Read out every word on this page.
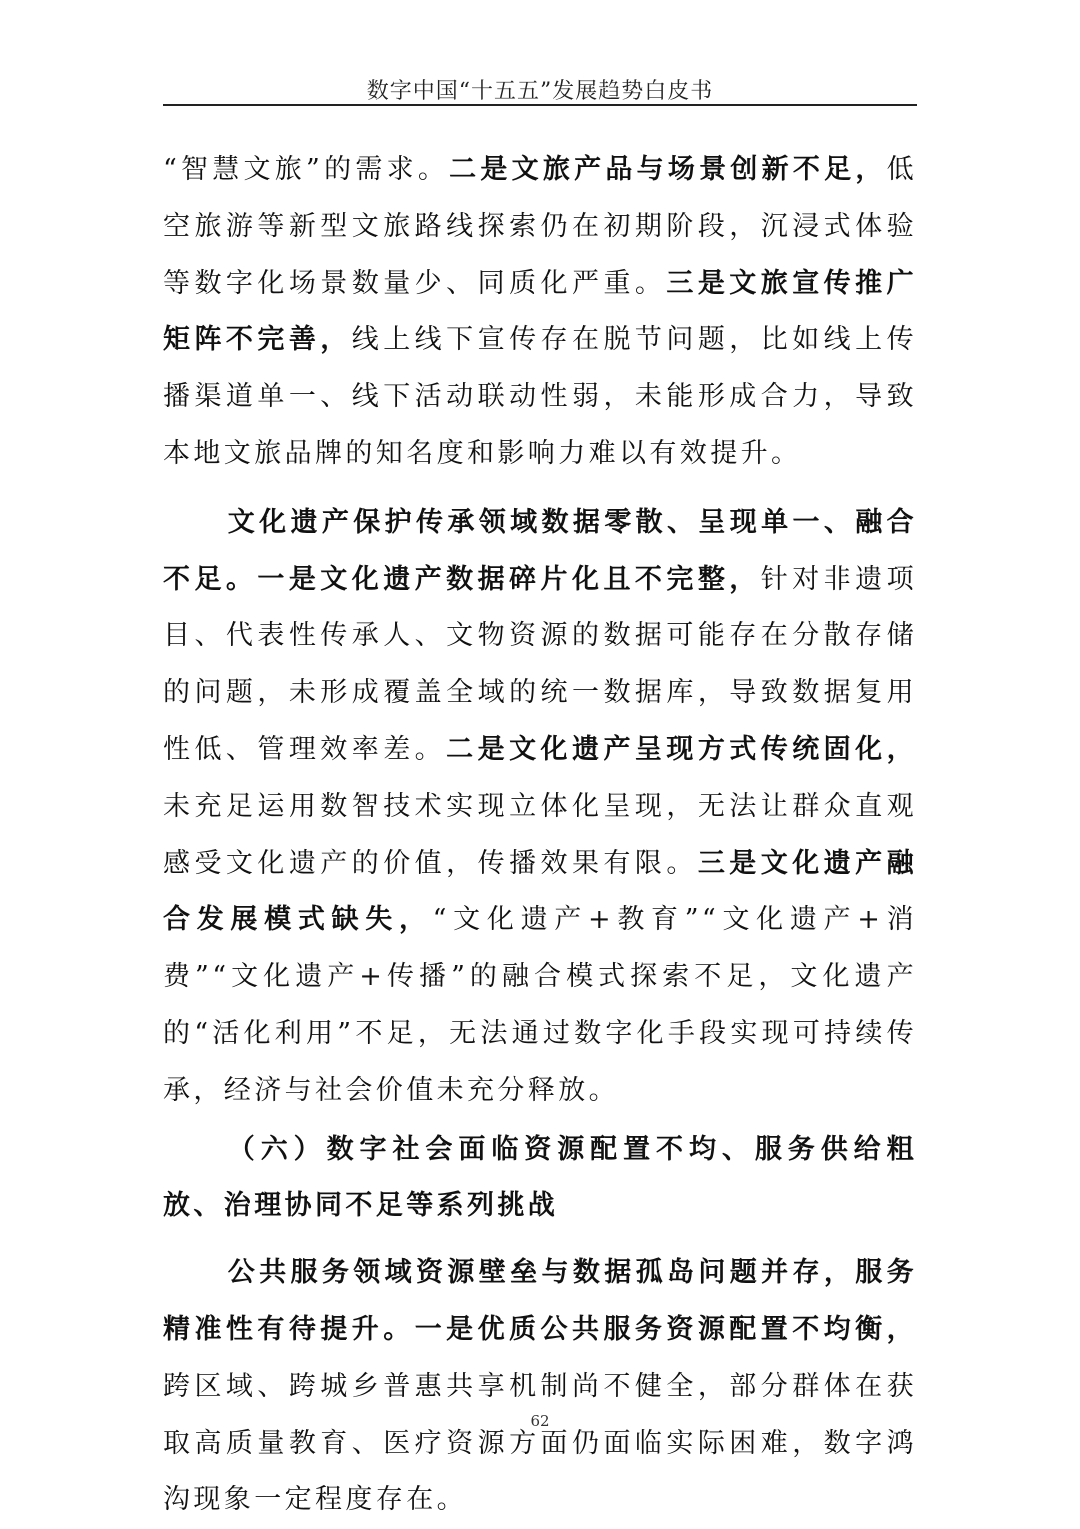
数字中国“十五五”发展趋势白皮书

“智慧文旅”的需求。二是文旅产品与场景创新不足，低空旅游等新型文旅路线探索仍在初期阶段，沉浸式体验等数字化场景数量少、同质化严重。三是文旅宣传推广矩阵不完善，线上线下宣传存在脱节问题，比如线上传播渠道单一、线下活动联动性弱，未能形成合力，导致本地文旅品牌的知名度和影响力难以有效提升。

文化遗产保护传承领域数据零散、呈现单一、融合不足。一是文化遗产数据碎片化且不完整，针对非遗项目、代表性传承人、文物资源的数据可能存在分散存储的问题，未形成覆盖全域的统一数据库，导致数据复用性低、管理效率差。二是文化遗产呈现方式传统固化，未充足运用数智技术实现立体化呈现，无法让群众直观感受文化遗产的价值，传播效果有限。三是文化遗产融合发展模式缺失，“文化遗产+教育”“文化遗产+消费”“文化遗产+传播”的融合模式探索不足，文化遗产的“活化利用”不足，无法通过数字化手段实现可持续传承，经济与社会价值未充分释放。

（六）数字社会面临资源配置不均、服务供给粗放、治理协同不足等系列挑战

公共服务领域资源壁垒与数据孤岛问题并存，服务精准性有待提升。一是优质公共服务资源配置不均衡，跨区域、跨城乡普惠共享机制尚不健全，部分群体在获取高质量教育、医疗资源方面仍面临实际困难，数字鸿沟现象一定程度存在。

62
